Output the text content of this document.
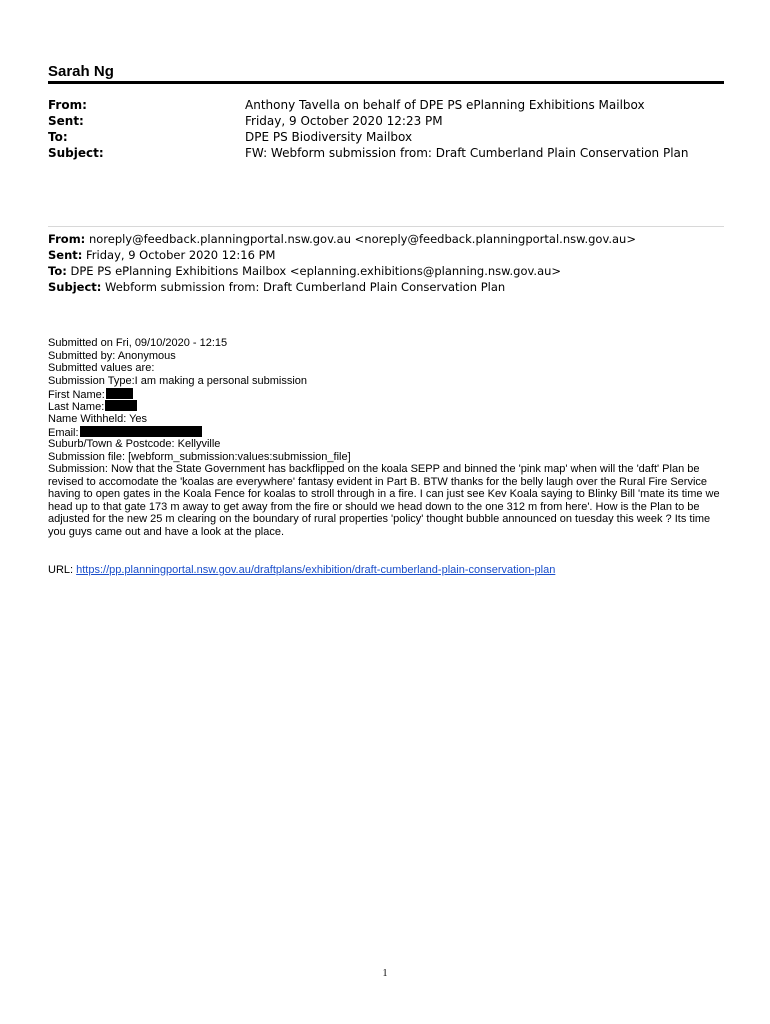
Sarah Ng
From:	Anthony Tavella on behalf of DPE PS ePlanning Exhibitions Mailbox
Sent:	Friday, 9 October 2020 12:23 PM
To:	DPE PS Biodiversity Mailbox
Subject:	FW: Webform submission from: Draft Cumberland Plain Conservation Plan
From: noreply@feedback.planningportal.nsw.gov.au <noreply@feedback.planningportal.nsw.gov.au>
Sent: Friday, 9 October 2020 12:16 PM
To: DPE PS ePlanning Exhibitions Mailbox <eplanning.exhibitions@planning.nsw.gov.au>
Subject: Webform submission from: Draft Cumberland Plain Conservation Plan
Submitted on Fri, 09/10/2020 - 12:15
Submitted by: Anonymous
Submitted values are:
Submission Type:I am making a personal submission
First Name:
Last Name:
Name Withheld: Yes
Email:
Suburb/Town & Postcode: Kellyville
Submission file: [webform_submission:values:submission_file]
Submission: Now that the State Government has backflipped on the koala SEPP and binned the 'pink map' when will the 'daft' Plan be revised to accomodate the 'koalas are everywhere' fantasy evident in Part B. BTW thanks for the belly laugh over the Rural Fire Service having to open gates in the Koala Fence for koalas to stroll through in a fire. I can just see Kev Koala saying to Blinky Bill 'mate its time we head up to that gate 173 m away to get away from the fire or should we head down to the one 312 m from here'. How is the Plan to be adjusted for the new 25 m clearing on the boundary of rural properties 'policy' thought bubble announced on tuesday this week ? Its time you guys came out and have a look at the place.
URL: https://pp.planningportal.nsw.gov.au/draftplans/exhibition/draft-cumberland-plain-conservation-plan
1
